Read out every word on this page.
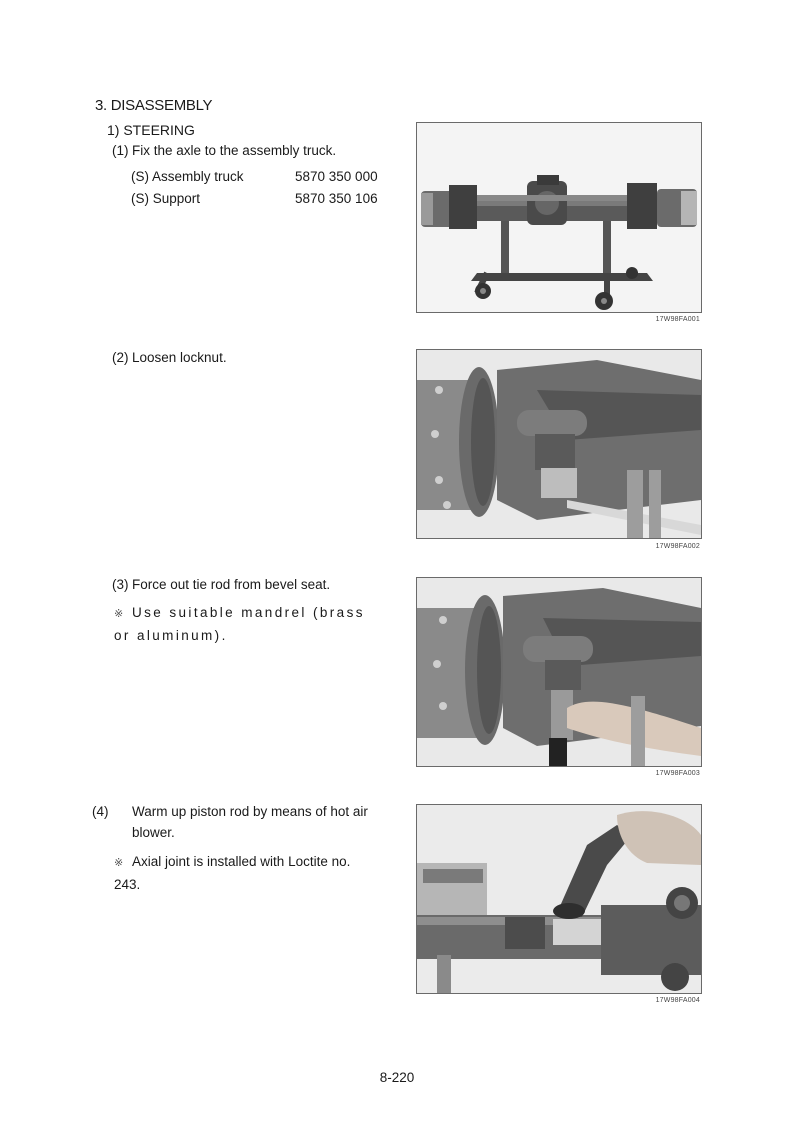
3. DISASSEMBLY
1) STEERING
(1) Fix the axle to the assembly truck.
(S) Assembly truck	5870 350 000
(S) Support	5870 350 106
(2) Loosen locknut.
(3) Force out tie rod from bevel seat.
※ Use suitable mandrel (brass or aluminum).
(4) Warm up piston rod by means of hot air blower.
※ Axial joint is installed with Loctite no. 243.
17W98FA001
17W98FA002
17W98FA003
17W98FA004
8-220
